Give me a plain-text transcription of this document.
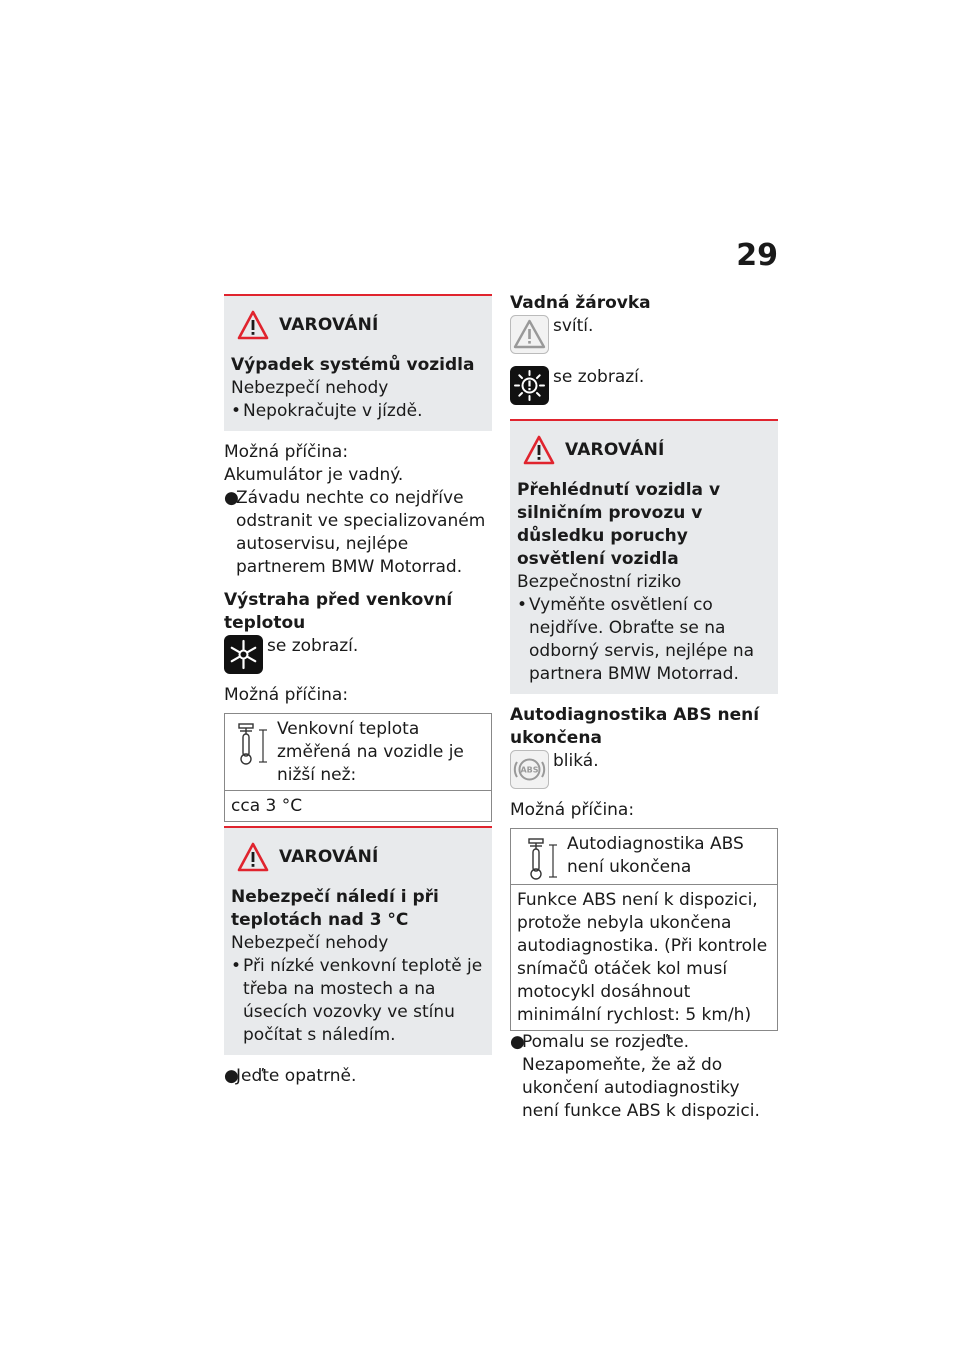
29
VAROVÁNÍ

Výpadek systémů vozidla

Nebezpečí nehody

• Nepokračujte v jízdě.

Možná příčina:

Akumulátor je vadný.

●
Závadu nechte co nejdříve odstranit ve specializovaném autoservisu, nejlépe partnerem BMW Motorrad.

Výstraha před venkovní teplotou

se zobrazí.

Možná příčina:

Venkovní teplota změřená na vozidle je nižší než:
cca 3 °C
VAROVÁNÍ

Nebezpečí náledí i při teplotách nad 3 °C

Nebezpečí nehody

• Při nízké venkovní teplotě je třeba na mostech a na úsecích vozovky ve stínu počítat s náledím.
●
Jeďte opatrně.

Vadná žárovka

svítí.
se zobrazí.
VAROVÁNÍ

Přehlédnutí vozidla v silničním provozu v důsledku poruchy osvětlení vozidla

Bezpečnostní riziko

• Vyměňte osvětlení co nejdříve. Obraťte se na odborný servis, nejlépe na partnera BMW Motorrad.

Autodiagnostika ABS není ukončena

ABS bliká.

Možná příčina:

Autodiagnostika ABS není ukončena
Funkce ABS není k dispozici, protože nebyla ukončena autodiagnostika. (Při kontrole snímačů otáček kol musí motocykl dosáhnout minimální rychlost: 5 km/h)
●
Pomalu se rozjeďte. Nezapomeňte, že až do ukončení autodiagnostiky není funkce ABS k dispozici.
